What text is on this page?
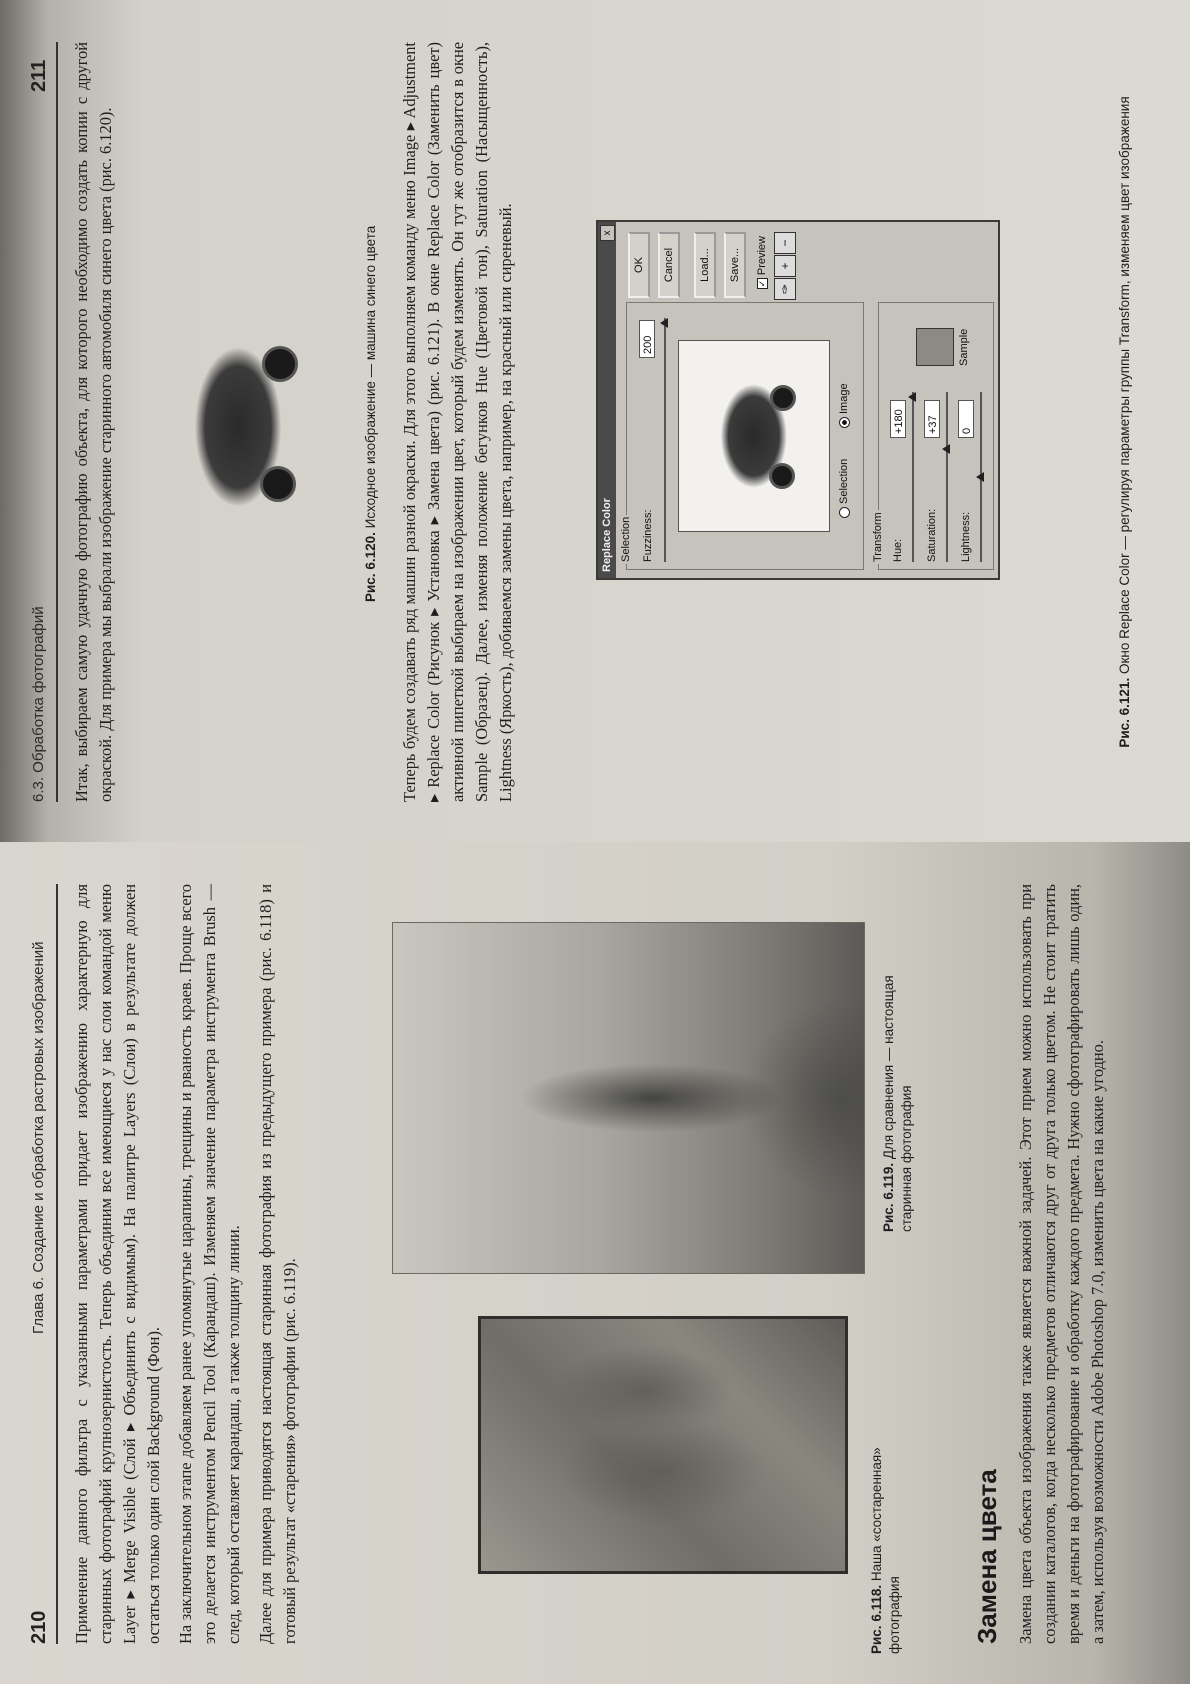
210
Глава 6. Создание и обработка растровых изображений Применение данного фильтра с указанными параметрами придает изображению характерную для старинных фотографий крупнозернистость. Теперь объединим все имеющиеся у нас слои командой меню Layer ▸ Merge Visible (Слой ▸ Объединить с видимым). На палитре Layers (Слои) в результате должен остаться только один слой Background (Фон). На заключительном этапе добавляем ранее упомянутые царапины, трещины и рваность краев. Проще всего это делается инструментом Pencil Tool (Карандаш). Изменяем значение параметра инструмента Brush — след, который оставляет карандаш, а также толщину линии. Далее для примера приводятся настоящая старинная фотография из предыдущего примера (рис. 6.118) и готовый результат «старения» фотографии (рис. 6.119).	Рис. 6.118. Наша «состаренная» фотография
Рис. 6.119. Для сравнения — настоящая старинная фотография
Замена цвета Замена цвета объекта изображения также является важной задачей. Этот прием можно использовать при создании каталогов, когда несколько предметов отличаются друг от друга только цветом. Не стоит тратить время и деньги на фотографирование и обработку каждого предмета. Нужно сфотографировать лишь один, а затем, используя возможности Adobe Photoshop 7.0, изменить цвета на какие угодно.

6.3. Обработка фотографий
211 Итак, выбираем самую удачную фотографию объекта, для которого необходимо создать копии с другой окраской. Для примера мы выбрали изображение старинного автомобиля синего цвета (рис. 6.120).	Рис. 6.120. Исходное изображение — машина синего цвета Теперь будем создавать ряд машин разной окраски. Для этого выполняем команду меню Image ▸ Adjustment ▸ Replace Color (Рисунок ▸ Установка ▸ Замена цвета) (рис. 6.121). В окне Replace Color (Заменить цвет) активной пипеткой выбираем на изображении цвет, который будем изменять. Он тут же отобразится в окне Sample (Образец). Далее, изменяя положение бегунков Hue (Цветовой тон), Saturation (Насыщенность), Lightness (Яркость), добиваемся замены цвета, например, на красный или сиреневый.	Replace Color
x
Selection Fuzziness:
200
Selection
Image
Transform Hue:
+180
Saturation:
+37
Lightness:
0
Sample
OK	Cancel	Load...	Save...
✑
+
−
✓Preview
Рис. 6.121. Окно Replace Color — регулируя параметры группы Transform, изменяем цвет изображения
